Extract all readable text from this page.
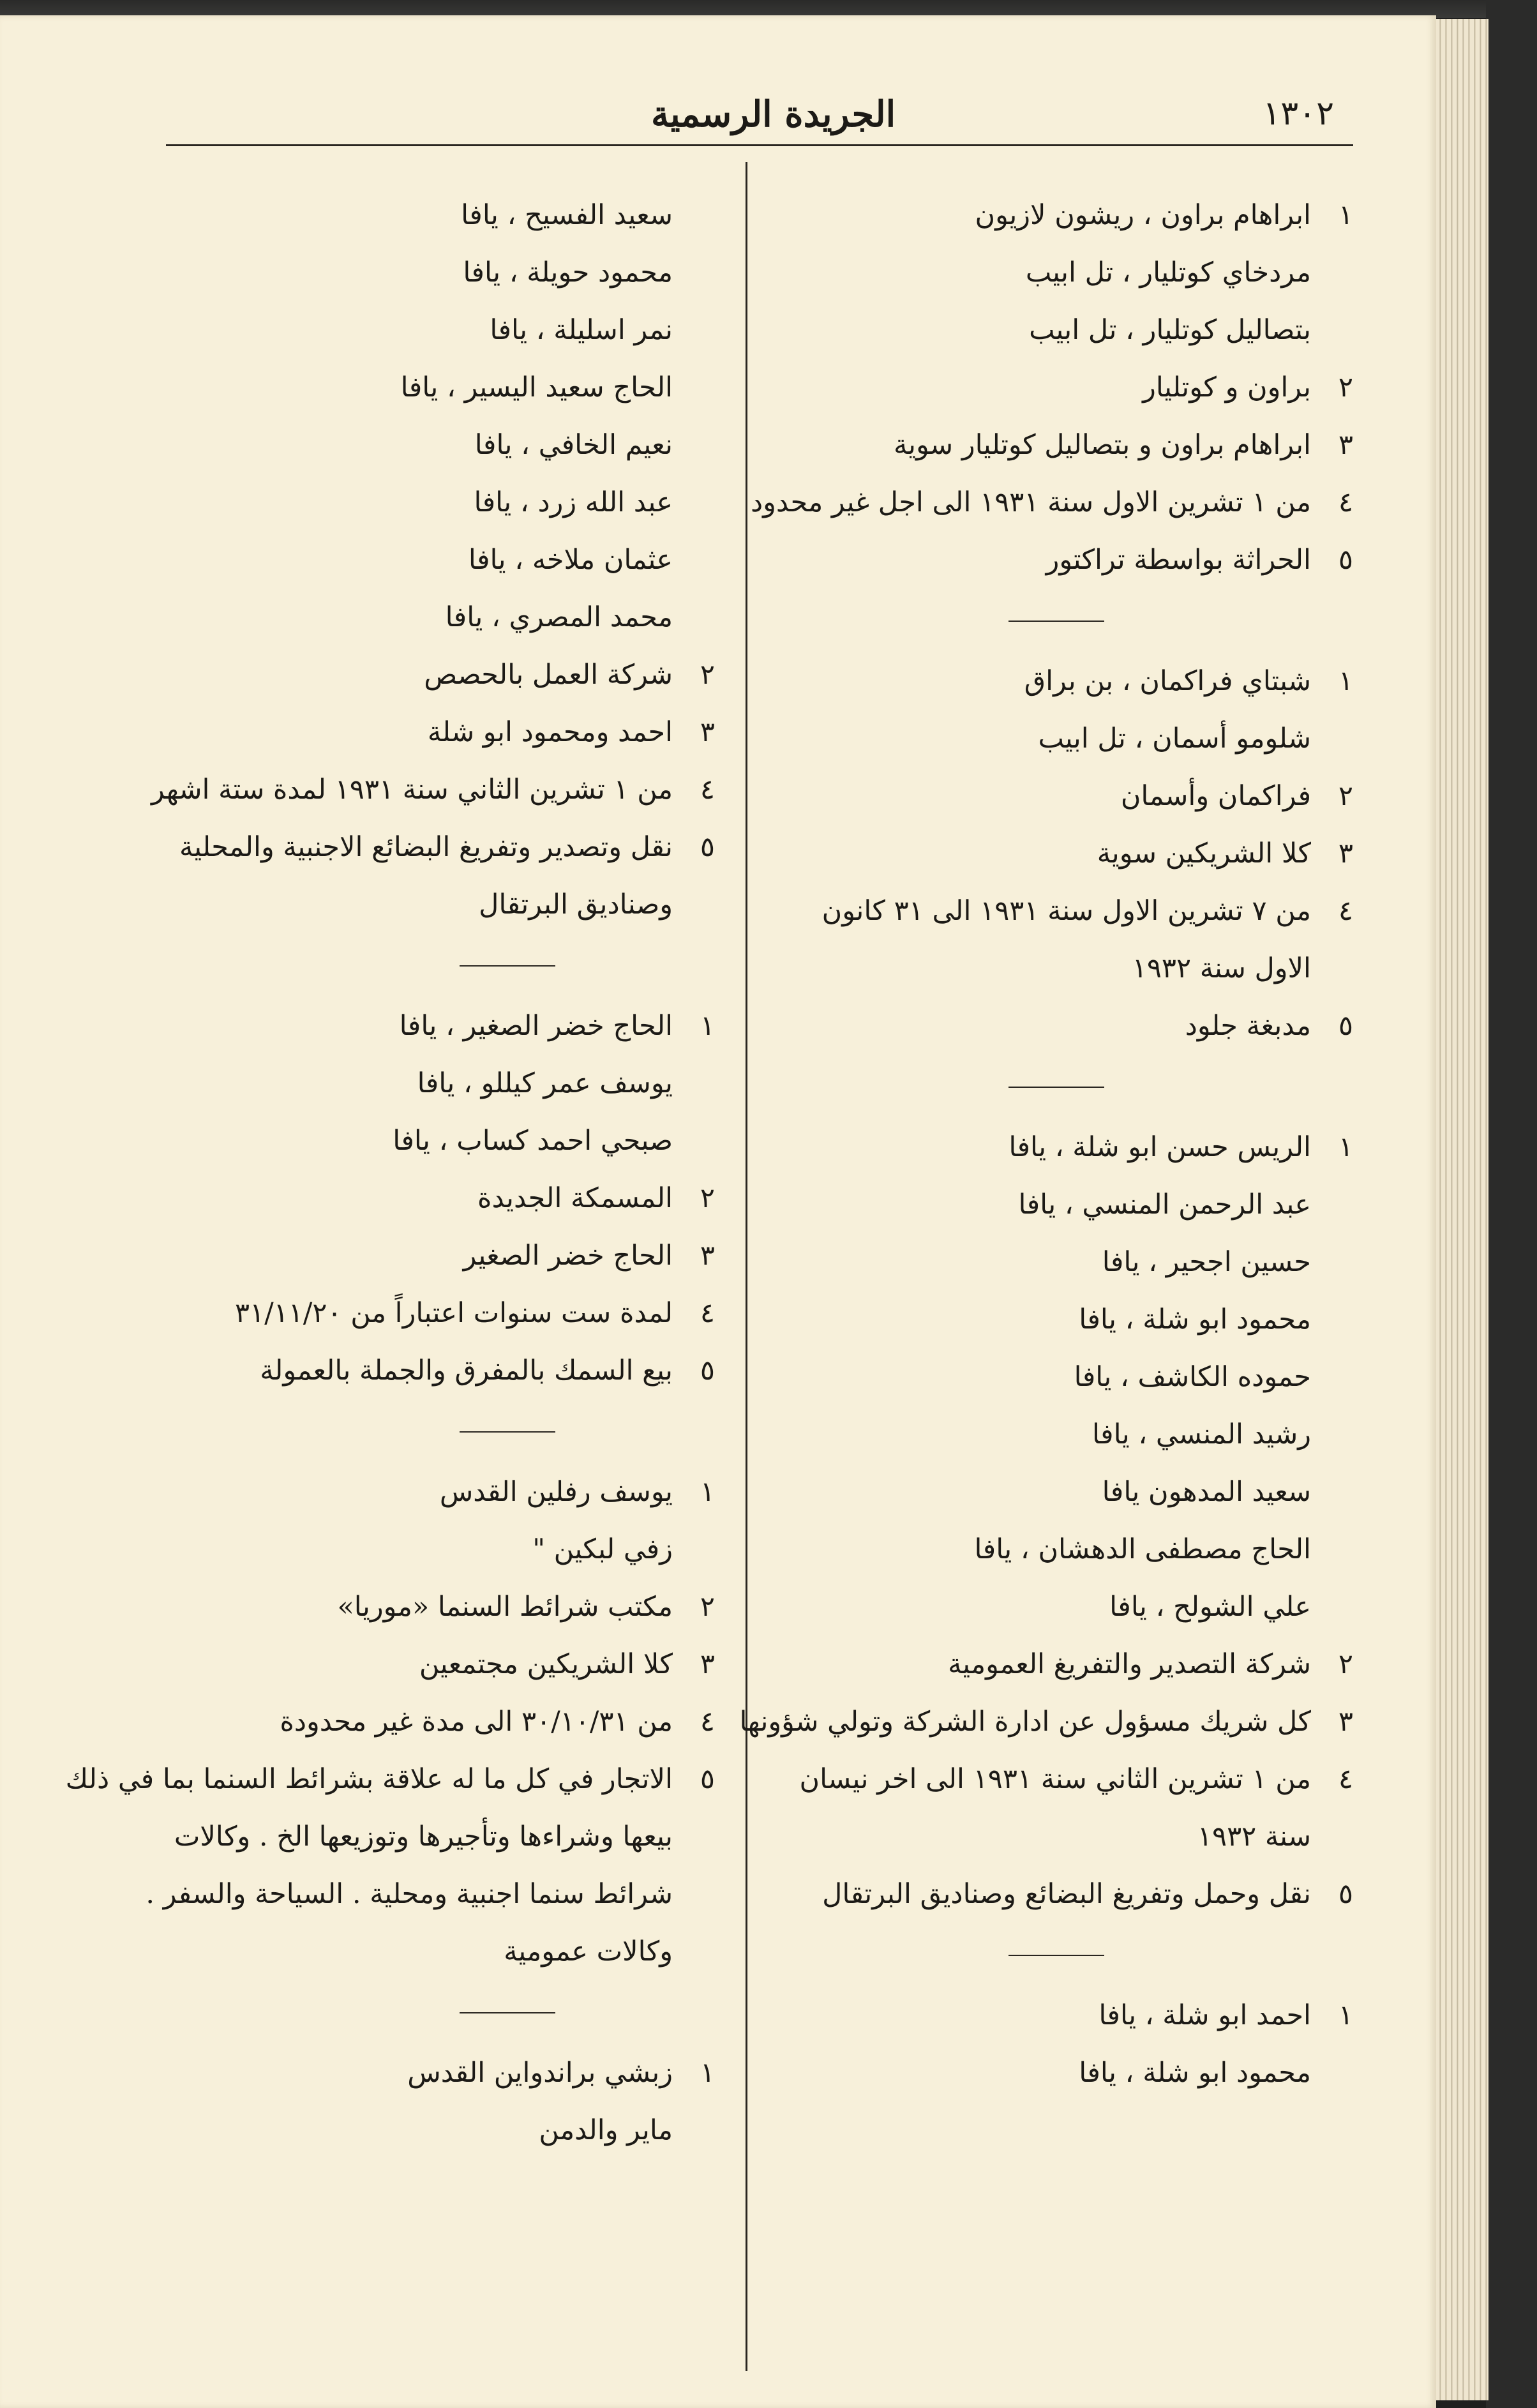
١٣٠٢
الجريدة الرسمية
١ابراهام براون ، ريشون لازيون
مردخاي كوتليار ، تل ابيب
بتصاليل كوتليار ، تل ابيب
٢براون و كوتليار
٣ابراهام براون و بتصاليل كوتليار سوية
٤من ١ تشرين الاول سنة ١٩٣١ الى اجل غير محدود
٥الحراثة بواسطة تراكتور
١شبتاي فراكمان ، بن براق
شلومو أسمان ، تل ابيب
٢فراكمان وأسمان
٣كلا الشريكين سوية
٤من ٧ تشرين الاول سنة ١٩٣١ الى ٣١ كانون
الاول سنة ١٩٣٢
٥مدبغة جلود
١الريس حسن ابو شلة ، يافا
عبد الرحمن المنسي ، يافا
حسين اجحير ، يافا
محمود ابو شلة ، يافا
حموده الكاشف ، يافا
رشيد المنسي ، يافا
سعيد المدهون يافا
الحاج مصطفى الدهشان ، يافا
علي الشولح ، يافا
٢شركة التصدير والتفريغ العمومية
٣كل شريك مسؤول عن ادارة الشركة وتولي شؤونها
٤من ١ تشرين الثاني سنة ١٩٣١ الى اخر نيسان
سنة ١٩٣٢
٥نقل وحمل وتفريغ البضائع وصناديق البرتقال
١احمد ابو شلة ، يافا
محمود ابو شلة ، يافا
سعيد الفسيح ، يافا
محمود حويلة ، يافا
نمر اسليلة ، يافا
الحاج سعيد اليسير ، يافا
نعيم الخافي ، يافا
عبد الله زرد ، يافا
عثمان ملاخه ، يافا
محمد المصري ، يافا
٢شركة العمل بالحصص
٣احمد ومحمود ابو شلة
٤من ١ تشرين الثاني سنة ١٩٣١ لمدة ستة اشهر
٥نقل وتصدير وتفريغ البضائع الاجنبية والمحلية
وصناديق البرتقال
١الحاج خضر الصغير ، يافا
يوسف عمر كيللو ، يافا
صبحي احمد كساب ، يافا
٢المسمكة الجديدة
٣الحاج خضر الصغير
٤لمدة ست سنوات اعتباراً من ٣١/١١/٢٠
٥بيع السمك بالمفرق والجملة بالعمولة
١يوسف رفلين القدس
زفي لبكين "
٢مكتب شرائط السنما «موريا»
٣كلا الشريكين مجتمعين
٤من ٣٠/١٠/٣١ الى مدة غير محدودة
٥الاتجار في كل ما له علاقة بشرائط السنما بما في ذلك
بيعها وشراءها وتأجيرها وتوزيعها الخ . وكالات
شرائط سنما اجنبية ومحلية . السياحة والسفر .
وكالات عمومية
١زبشي براندواين القدس
ماير والدمن
